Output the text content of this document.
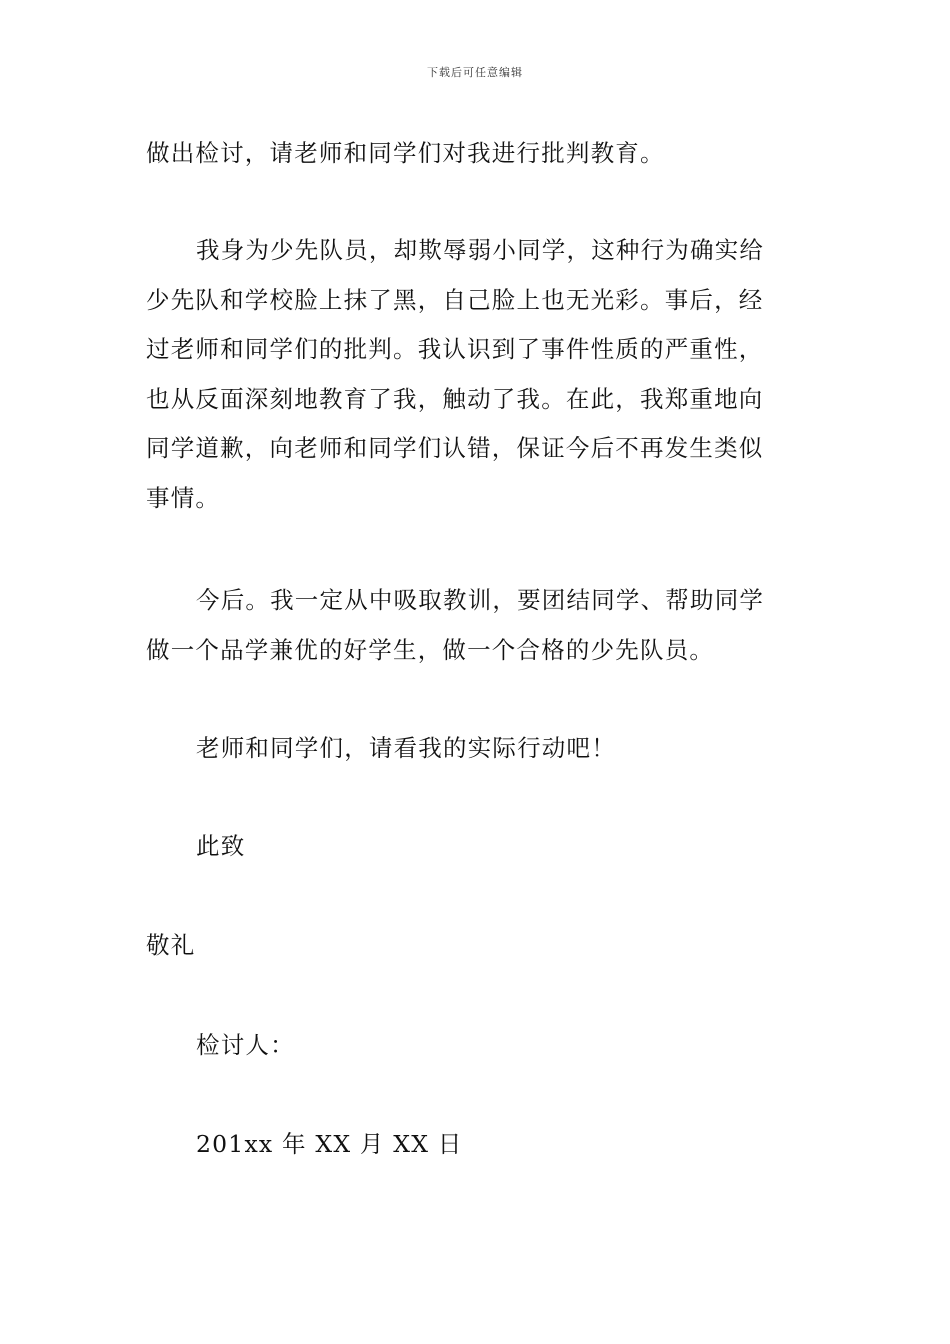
下载后可任意编辑

做出检讨，请老师和同学们对我进行批判教育。

我身为少先队员，却欺辱弱小同学，这种行为确实给

少先队和学校脸上抹了黑，自己脸上也无光彩。事后，经

过老师和同学们的批判。我认识到了事件性质的严重性，

也从反面深刻地教育了我，触动了我。在此，我郑重地向

同学道歉，向老师和同学们认错，保证今后不再发生类似

事情。

今后。我一定从中吸取教训，要团结同学、帮助同学

做一个品学兼优的好学生，做一个合格的少先队员。

老师和同学们，请看我的实际行动吧！

此致

敬礼

检讨人：

201xx 年 XX 月 XX 日
